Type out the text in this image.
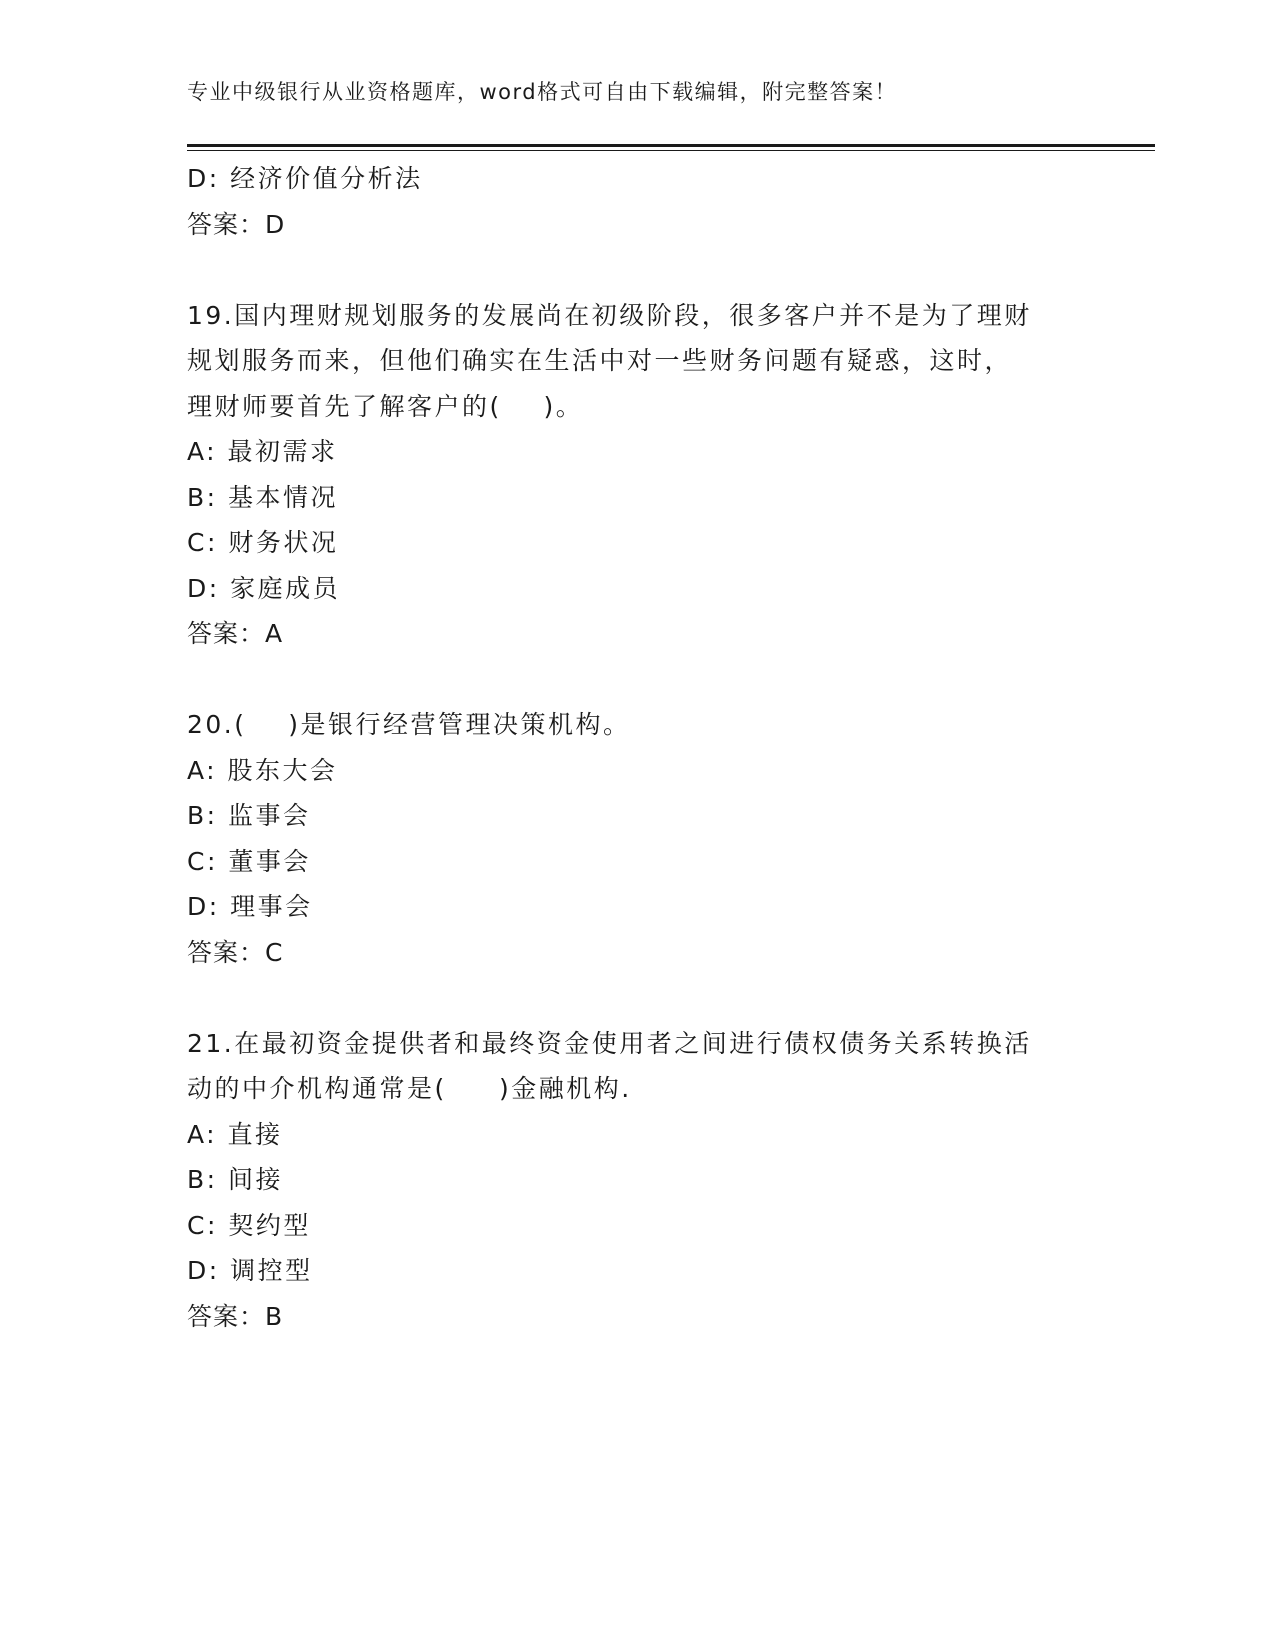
专业中级银行从业资格题库，word格式可自由下载编辑，附完整答案！
D: 经济价值分析法
答案：D
19.国内理财规划服务的发展尚在初级阶段，很多客户并不是为了理财
规划服务而来，但他们确实在生活中对一些财务问题有疑惑，这时，
理财师要首先了解客户的(    )。
A: 最初需求
B: 基本情况
C: 财务状况
D: 家庭成员
答案：A
20.(    )是银行经营管理决策机构。
A: 股东大会
B: 监事会
C: 董事会
D: 理事会
答案：C
21.在最初资金提供者和最终资金使用者之间进行债权债务关系转换活
动的中介机构通常是(     )金融机构.
A: 直接
B: 间接
C: 契约型
D: 调控型
答案：B
